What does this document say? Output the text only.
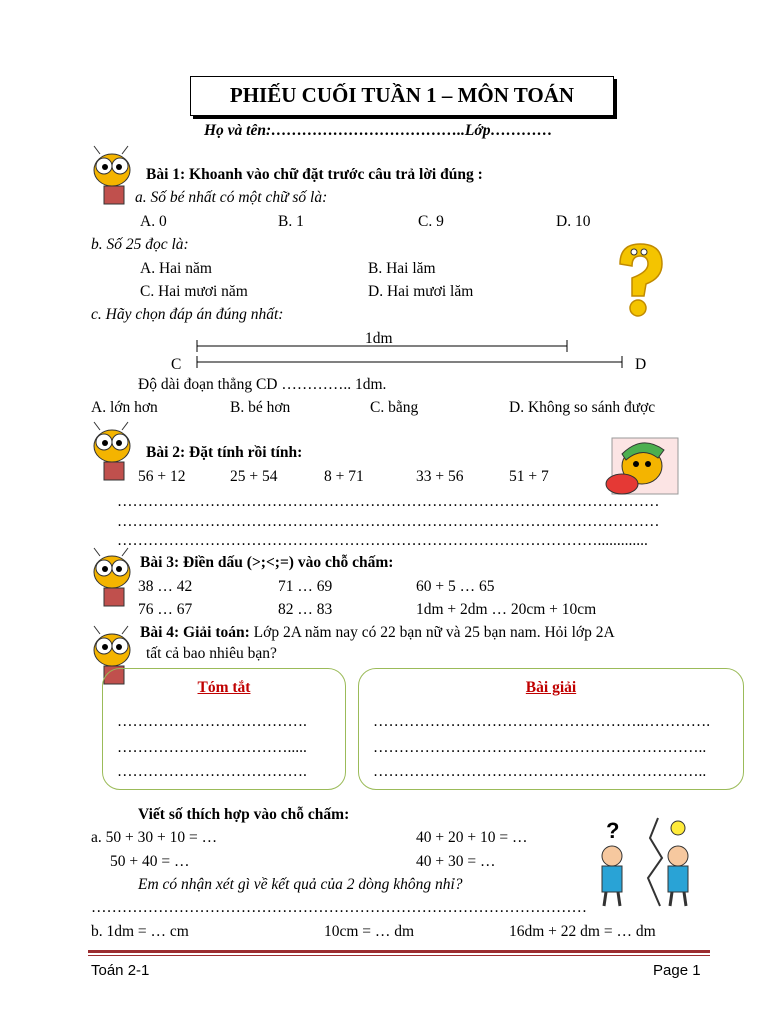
PHIẾU CUỐI TUẦN 1 – MÔN TOÁN
Họ và tên:………………………………..Lớp…………
Bài 1: Khoanh vào chữ đặt trước câu trả lời đúng :
a. Số bé nhất có một chữ số là:
A. 0	B. 1	C. 9	D. 10
b. Số 25 đọc là:
A. Hai năm	B. Hai lăm
C. Hai mươi năm	D. Hai mươi lăm
c. Hãy chọn đáp án đúng nhất:
1dm
C	D
Độ dài đoạn thẳng CD ………….. 1dm.
A. lớn hơn	B. bé hơn	C. bằng	D. Không so sánh được
Bài 2: Đặt tính rồi tính:
56 + 12	25 + 54	8 + 71	33 + 56	51 + 7
……………………………………………………………………………………………
……………………………………………………………………………………………
………………………………………………………………………………….............
Bài 3: Điền dấu (>;<;=) vào chỗ chấm:
38 … 42	71 … 69	60 + 5 … 65
76 … 67	82 … 83	1dm + 2dm … 20cm + 10cm
Bài 4: Giải toán: Lớp 2A năm nay có 22 bạn nữ và 25 bạn nam. Hỏi lớp 2A
tất cả bao nhiêu bạn?
Tóm tắt
……………………………….
…………………………….....
……………………………….
Bài giải
……………………………………………..………….
………………………………………………………..
………………………………………………………..
Viết số thích hợp vào chỗ chấm:
a. 50 + 30 + 10 = …	40 + 20 + 10 = …
50 + 40 = …	40 + 30 = …
Em có nhận xét gì về kết quả của 2 dòng không nhỉ?
……………………………………………………………………………………
?
b. 1dm = … cm	10cm = … dm	16dm + 22 dm = … dm
Toán 2-1	Page 1
